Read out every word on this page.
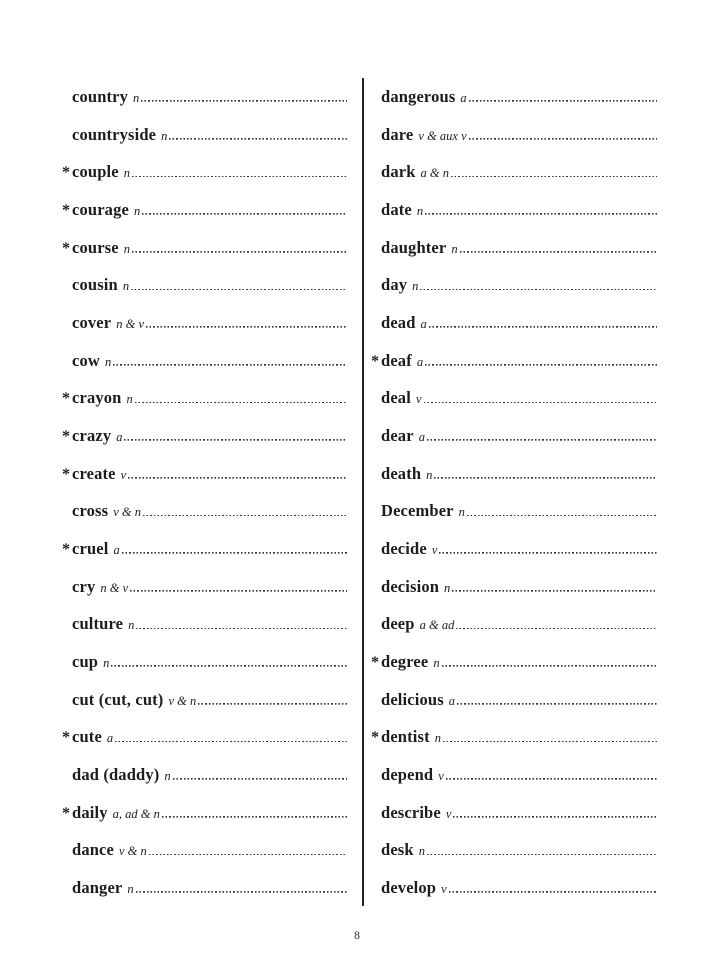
country n
countryside n
* couple n
* courage n
* course n
cousin n
cover n & v
cow n
* crayon n
* crazy a
* create v
cross v & n
* cruel a
cry n & v
culture n
cup n
cut (cut, cut) v & n
* cute a
dad (daddy) n
* daily a, ad & n
dance v & n
danger n
dangerous a
dare v & aux v
dark a & n
date n
daughter n
day n
dead a
* deaf a
deal v
dear a
death n
December n
decide v
decision n
deep a & ad
* degree n
delicious a
* dentist n
depend v
describe v
desk n
develop v
8
